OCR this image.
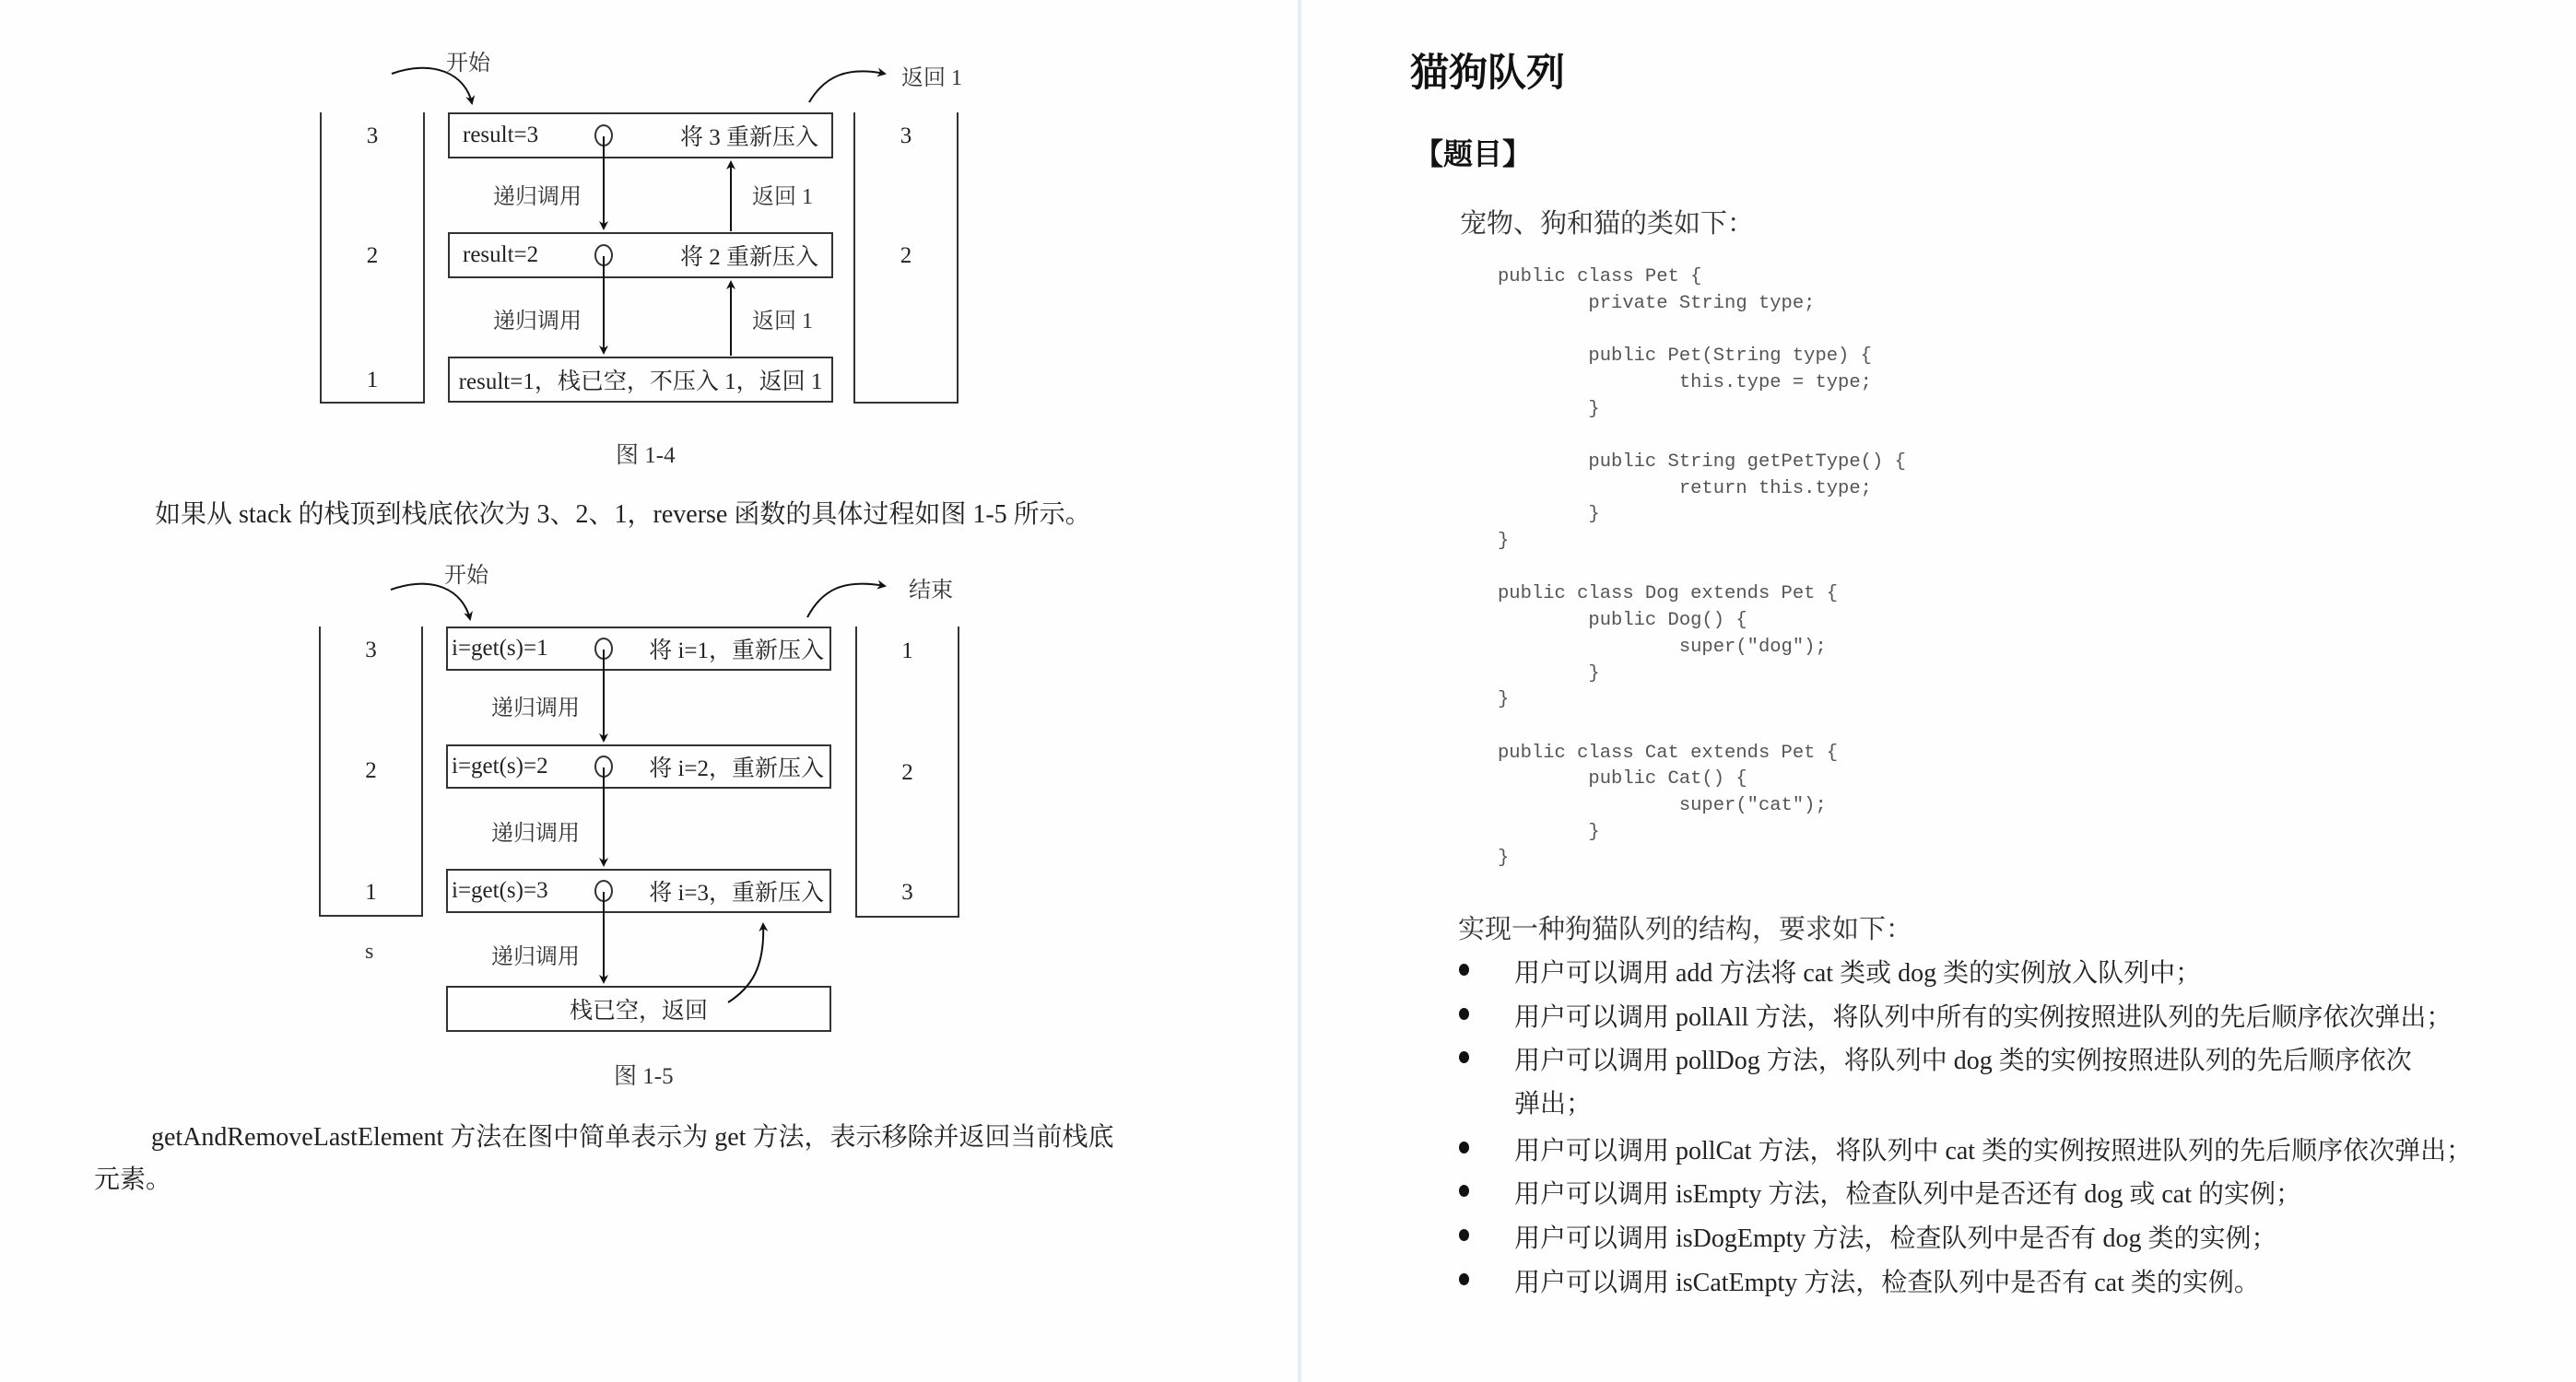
开始
返回 1
3
2
1
result=3	将 3 重新压入
result=2	将 2 重新压入
result=1，栈已空，不压入 1，返回 1
递归调用
递归调用
返回 1
返回 1
3
2
图 1-4

如果从 stack 的栈顶到栈底依次为 3、2、1，reverse 函数的具体过程如图 1-5 所示。

开始
结束
3
2
1
s
i=get(s)=1	将 i=1，重新压入
i=get(s)=2	将 i=2，重新压入
i=get(s)=3	将 i=3，重新压入
栈已空，返回
递归调用
递归调用
递归调用
1
2
3
图 1-5

getAndRemoveLastElement 方法在图中简单表示为 get 方法，表示移除并返回当前栈底

元素。

猫狗队列
【题目】

宠物、狗和猫的类如下：

public class Pet {
private String type;

public Pet(String type) {
this.type = type;
}

public String getPetType() {
return this.type;
}
}

public class Dog extends Pet {
public Dog() {
super("dog");
}
}

public class Cat extends Pet {
public Cat() {
super("cat");
}
}

实现一种狗猫队列的结构，要求如下：

用户可以调用 add 方法将 cat 类或 dog 类的实例放入队列中；
用户可以调用 pollAll 方法，将队列中所有的实例按照进队列的先后顺序依次弹出；
用户可以调用 pollDog 方法，将队列中 dog 类的实例按照进队列的先后顺序依次
弹出；
用户可以调用 pollCat 方法，将队列中 cat 类的实例按照进队列的先后顺序依次弹出；
用户可以调用 isEmpty 方法，检查队列中是否还有 dog 或 cat 的实例；
用户可以调用 isDogEmpty 方法，检查队列中是否有 dog 类的实例；
用户可以调用 isCatEmpty 方法，检查队列中是否有 cat 类的实例。
